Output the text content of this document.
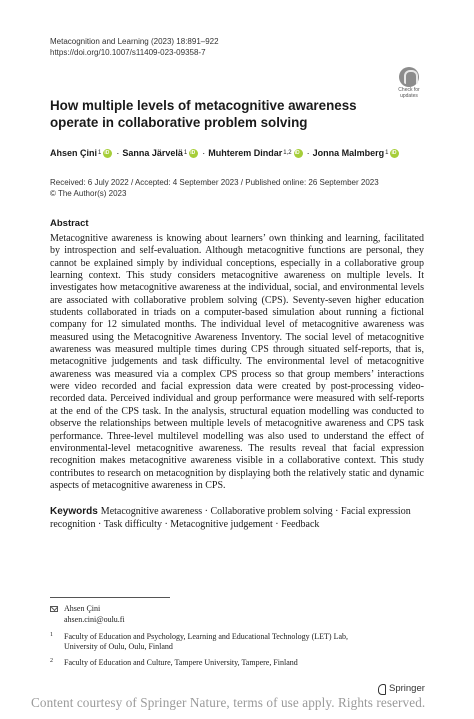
Metacognition and Learning (2023) 18:891–922
https://doi.org/10.1007/s11409-023-09358-7
Check for updates
How multiple levels of metacognitive awareness operate in collaborative problem solving
Ahsen Çini 1 iD · Sanna Järvelä 1 iD · Muhterem Dindar 1,2 iD · Jonna Malmberg 1
iD
Received: 6 July 2022 / Accepted: 4 September 2023 / Published online: 26 September 2023
© The Author(s) 2023
Abstract

Metacognitive awareness is knowing about learners’ own thinking and learning, facilitated by introspection and self-evaluation. Although metacognitive functions are personal, they cannot be explained simply by individual conceptions, especially in a collaborative group learning context. This study considers metacognitive awareness on multiple levels. It investigates how metacognitive awareness at the individual, social, and environmental levels are associated with collaborative problem solving (CPS). Seventy-seven higher education students collaborated in triads on a computer-based simulation about running a fictional company for 12 simulated months. The individual level of metacognitive awareness was measured using the Metacognitive Awareness Inventory. The social level of metacognitive awareness was measured multiple times during CPS through situated self-reports, that is, metacognitive judgements and task difficulty. The environmental level of metacognitive awareness was measured via a complex CPS process so that group members’ interactions were video recorded and facial expression data were created by post-processing video-recorded data. Perceived individual and group performance were measured with self-reports at the end of the CPS task. In the analysis, structural equation modelling was conducted to observe the relationships between multiple levels of metacognitive awareness and CPS task performance. Three-level multilevel modelling was also used to understand the effect of environmental-level metacognitive awareness. The results reveal that facial expression recognition makes metacognitive awareness visible in a collaborative context. This study contributes to research on metacognition by displaying both the relatively static and dynamic aspects of metacognitive awareness in CPS.

Keywords Metacognitive awareness · Collaborative problem solving · Facial expression recognition · Task difficulty · Metacognitive judgement · Feedback
Ahsen Çini
ahsen.cini@oulu.fi
1 Faculty of Education and Psychology, Learning and Educational Technology (LET) Lab,
University of Oulu, Oulu, Finland
2 Faculty of Education and Culture, Tampere University, Tampere, Finland
Springer
Content courtesy of Springer Nature, terms of use apply. Rights reserved.
